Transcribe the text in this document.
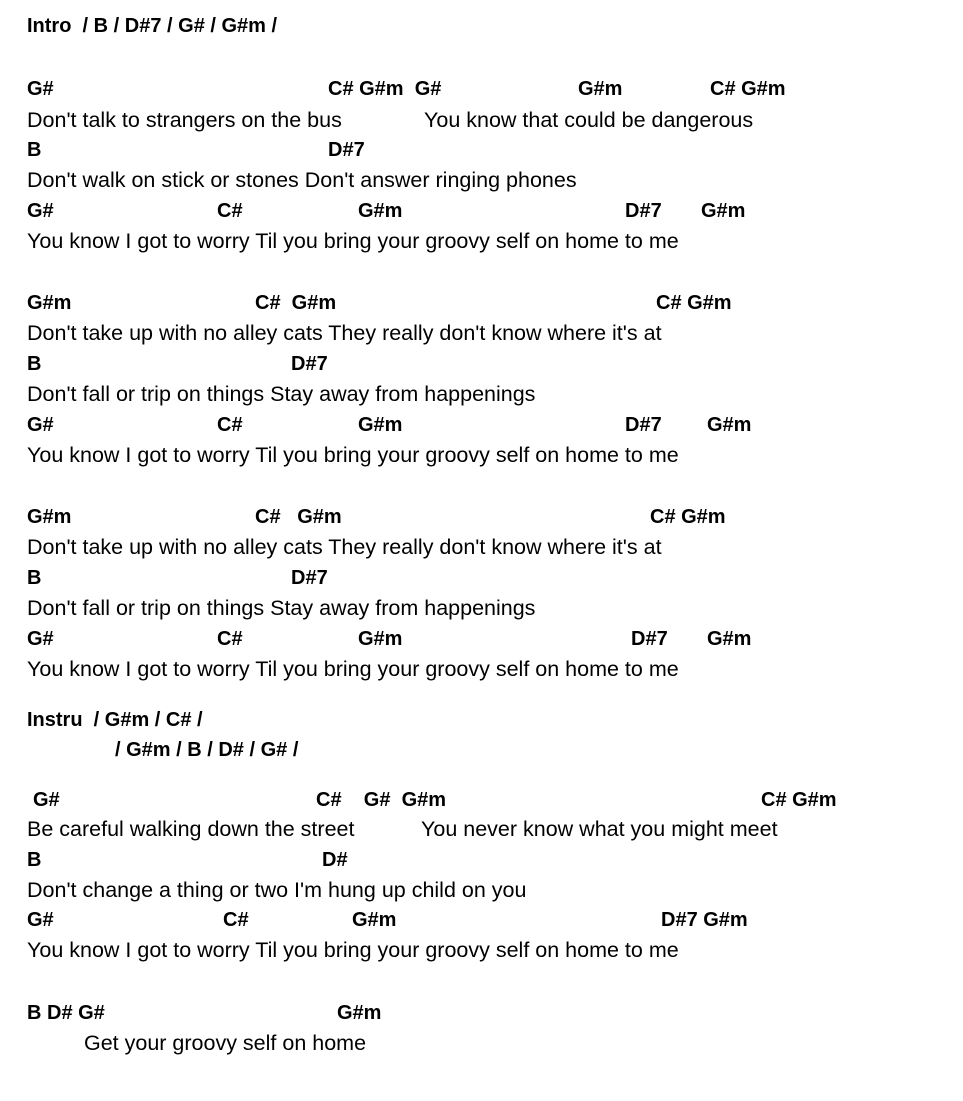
Intro  / B / D#7 / G# / G#m /
G#	C# G#m  G#	G#m	C# G#m
Don't talk to strangers on the bus	You know that could be dangerous
B	D#7
Don't walk on stick or stones Don't answer ringing phones
G#	C#	G#m	D#7 G#m
You know I got to worry Til you bring your groovy self on home to me
G#m	C#  G#m	C# G#m
Don't take up with no alley cats They really don't know where it's at
B	D#7
Don't fall or trip on things Stay away from happenings
G#	C#	G#m	D#7 G#m
You know I got to worry Til you bring your groovy self on home to me
G#m	C#   G#m	C# G#m
Don't take up with no alley cats They really don't know where it's at
B	D#7
Don't fall or trip on things Stay away from happenings
G#	C#	G#m	D#7 G#m
You know I got to worry Til you bring your groovy self on home to me
Instru  / G#m / C# /
/ G#m / B / D# / G# /
G#	C#    G#  G#m	C# G#m
Be careful walking down the street	You never know what you might meet
B	D#
Don't change a thing or two I'm hung up child on you
G#	C#	G#m	D#7 G#m
You know I got to worry Til you bring your groovy self on home to me
B D# G#	G#m
Get your groovy self on home
